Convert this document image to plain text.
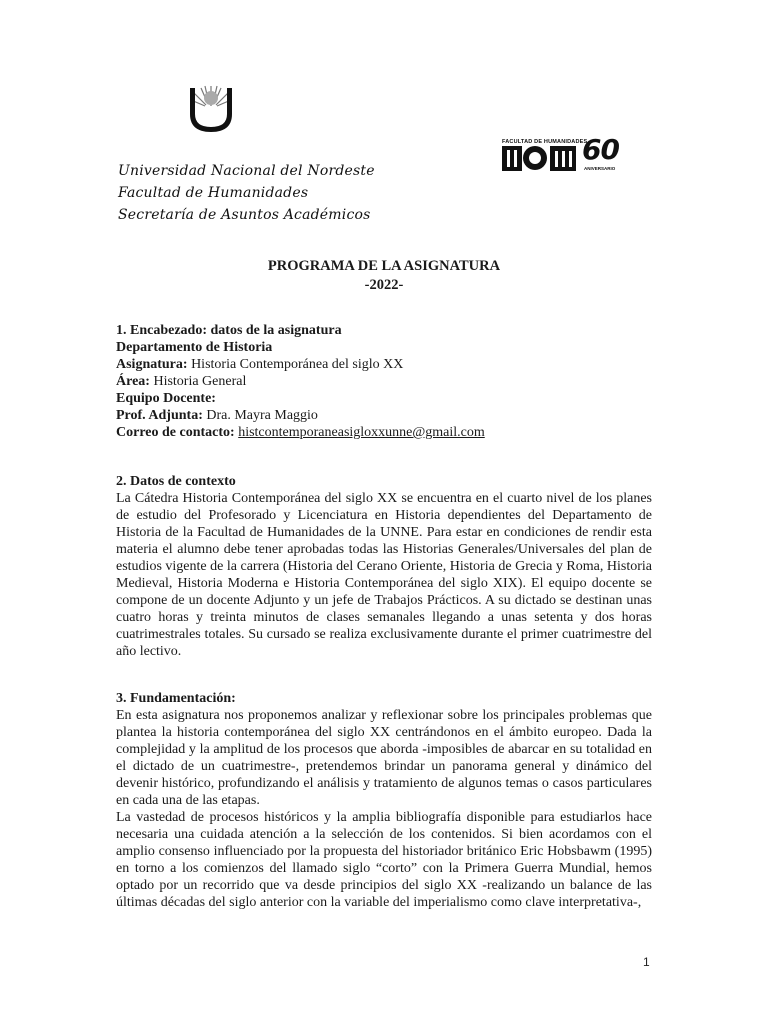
Universidad Nacional del Nordeste
Facultad de Humanidades
Secretaría de Asuntos Académicos
FACULTAD DE HUMANIDADES
60
ANIVERSARIO
PROGRAMA DE LA ASIGNATURA
-2022-
1. Encabezado: datos de la asignatura
Departamento de Historia
Asignatura: Historia Contemporánea del siglo XX
Área: Historia General
Equipo Docente:
Prof. Adjunta: Dra. Mayra Maggio
Correo de contacto: histcontemporaneasigloxxunne@gmail.com
2. Datos de contexto

La Cátedra Historia Contemporánea del siglo XX se encuentra en el cuarto nivel de los planes de estudio del Profesorado y Licenciatura en Historia dependientes del Departamento de Historia de la Facultad de Humanidades de la UNNE. Para estar en condiciones de rendir esta materia el alumno debe tener aprobadas todas las Historias Generales/Universales del plan de estudios vigente de la carrera (Historia del Cerano Oriente, Historia de Grecia y Roma, Historia Medieval, Historia Moderna e Historia Contemporánea del siglo XIX). El equipo docente se compone de un docente Adjunto y un jefe de Trabajos Prácticos. A su dictado se destinan unas cuatro horas y treinta minutos de clases semanales llegando a unas setenta y dos horas cuatrimestrales totales. Su cursado se realiza exclusivamente durante el primer cuatrimestre del año lectivo.

3. Fundamentación:

En esta asignatura nos proponemos analizar y reflexionar sobre los principales problemas que plantea la historia contemporánea del siglo XX centrándonos en el ámbito europeo. Dada la complejidad y la amplitud de los procesos que aborda -imposibles de abarcar en su totalidad en el dictado de un cuatrimestre-, pretendemos brindar un panorama general y dinámico del devenir histórico, profundizando el análisis y tratamiento de algunos temas o casos particulares en cada una de las etapas.

La vastedad de procesos históricos y la amplia bibliografía disponible para estudiarlos hace necesaria una cuidada atención a la selección de los contenidos. Si bien acordamos con el amplio consenso influenciado por la propuesta del historiador británico Eric Hobsbawm (1995) en torno a los comienzos del llamado siglo “corto” con la Primera Guerra Mundial, hemos optado por un recorrido que va desde principios del siglo XX -realizando un balance de las últimas décadas del siglo anterior con la variable del imperialismo como clave interpretativa-,

1
